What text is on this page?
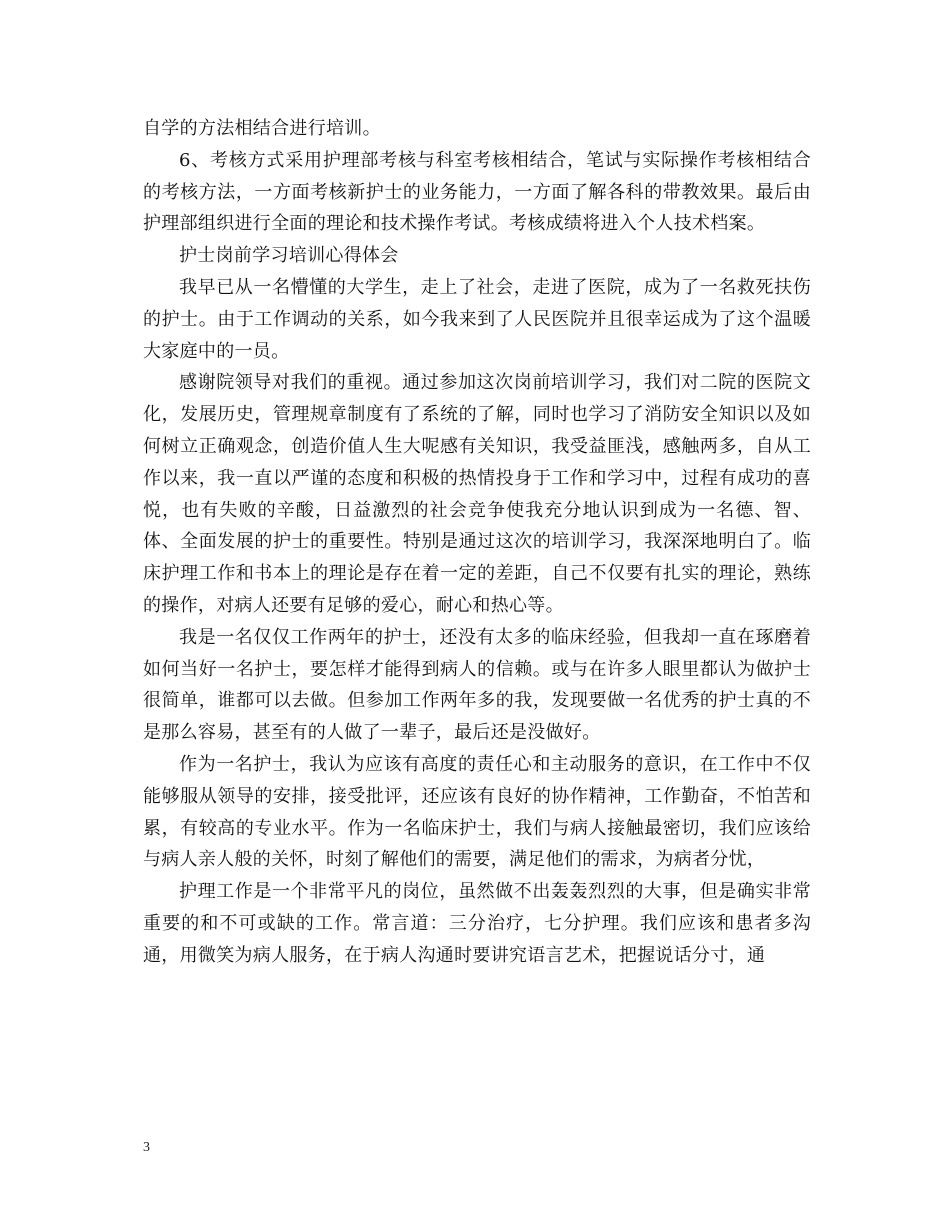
自学的方法相结合进行培训。

6、考核方式采用护理部考核与科室考核相结合，笔试与实际操作考核相结合的考核方法，一方面考核新护士的业务能力，一方面了解各科的带教效果。最后由护理部组织进行全面的理论和技术操作考试。考核成绩将进入个人技术档案。

护士岗前学习培训心得体会

我早已从一名懵懂的大学生，走上了社会，走进了医院，成为了一名救死扶伤的护士。由于工作调动的关系，如今我来到了人民医院并且很幸运成为了这个温暖大家庭中的一员。

感谢院领导对我们的重视。通过参加这次岗前培训学习，我们对二院的医院文化，发展历史，管理规章制度有了系统的了解，同时也学习了消防安全知识以及如何树立正确观念，创造价值人生大呢感有关知识，我受益匪浅，感触两多，自从工作以来，我一直以严谨的态度和积极的热情投身于工作和学习中，过程有成功的喜悦，也有失败的辛酸，日益激烈的社会竞争使我充分地认识到成为一名德、智、体、全面发展的护士的重要性。特别是通过这次的培训学习，我深深地明白了。临床护理工作和书本上的理论是存在着一定的差距，自己不仅要有扎实的理论，熟练的操作，对病人还要有足够的爱心，耐心和热心等。

我是一名仅仅工作两年的护士，还没有太多的临床经验，但我却一直在琢磨着如何当好一名护士，要怎样才能得到病人的信赖。或与在许多人眼里都认为做护士很简单，谁都可以去做。但参加工作两年多的我，发现要做一名优秀的护士真的不是那么容易，甚至有的人做了一辈子，最后还是没做好。

作为一名护士，我认为应该有高度的责任心和主动服务的意识，在工作中不仅能够服从领导的安排，接受批评，还应该有良好的协作精神，工作勤奋，不怕苦和累，有较高的专业水平。作为一名临床护士，我们与病人接触最密切，我们应该给与病人亲人般的关怀，时刻了解他们的需要，满足他们的需求，为病者分忧，

护理工作是一个非常平凡的岗位，虽然做不出轰轰烈烈的大事，但是确实非常重要的和不可或缺的工作。常言道：三分治疗，七分护理。我们应该和患者多沟通，用微笑为病人服务，在于病人沟通时要讲究语言艺术，把握说话分寸，通

3
